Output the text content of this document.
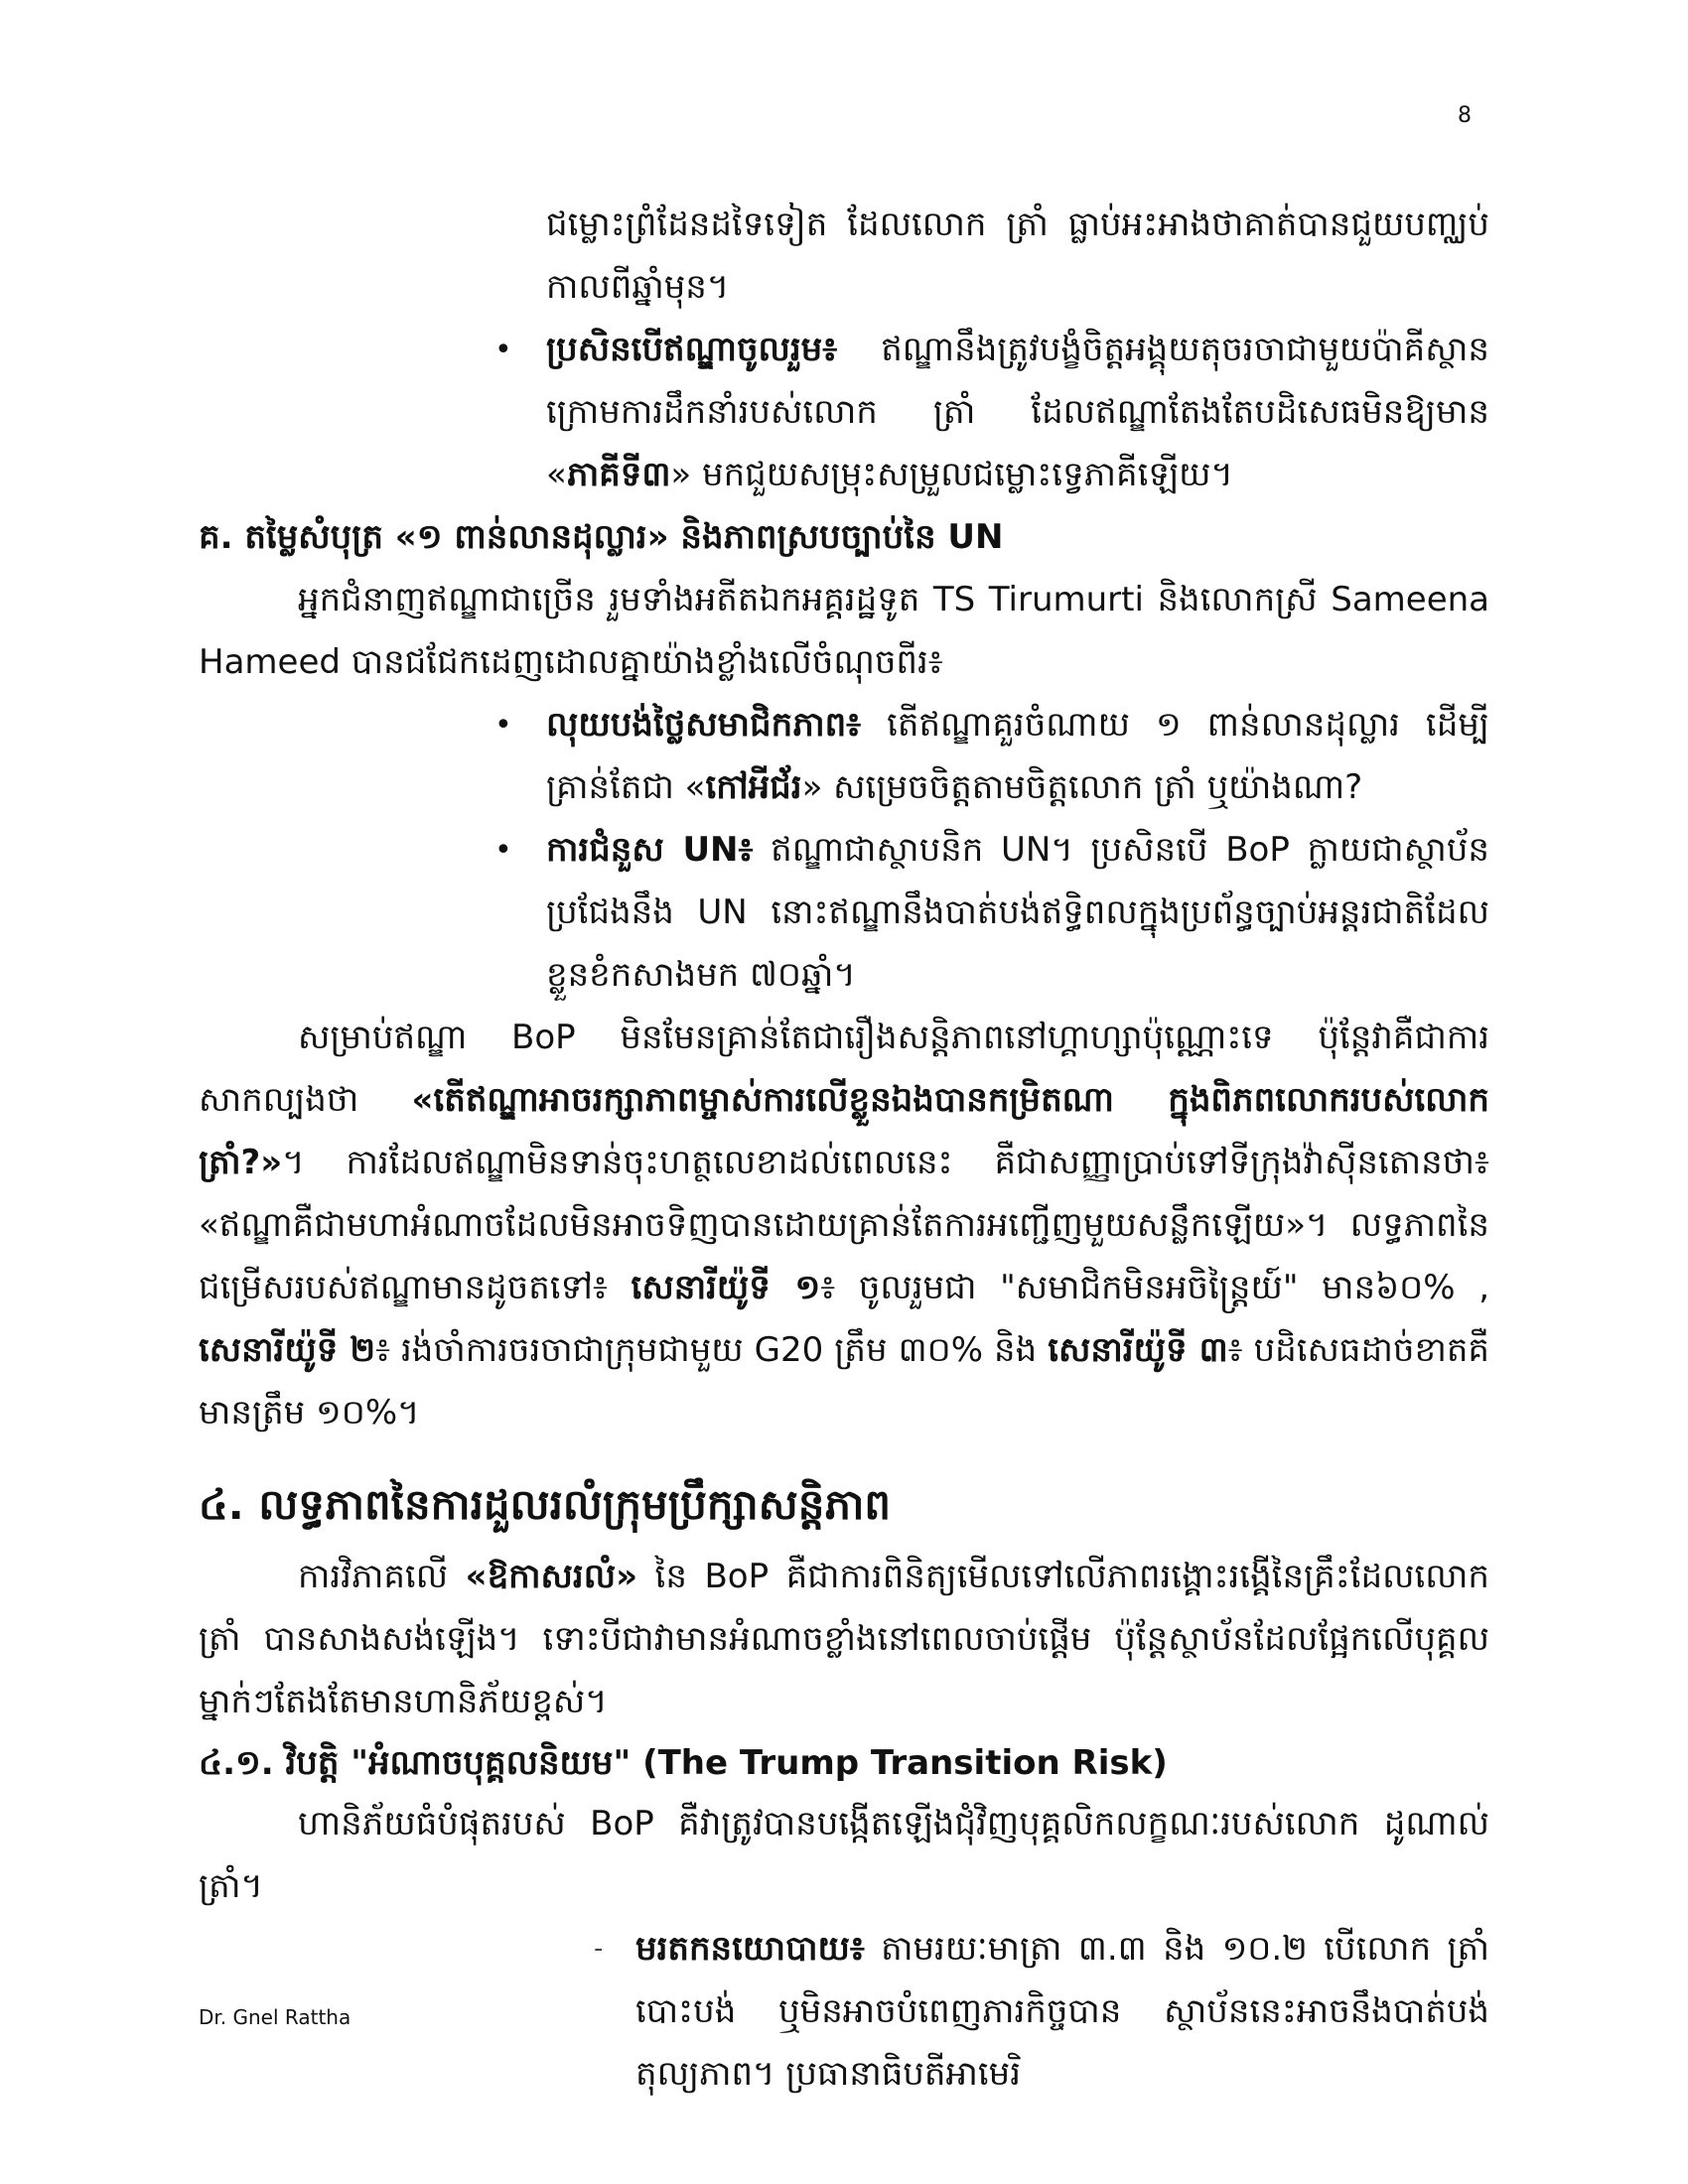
8

ជម្លោះព្រំដែនដទៃទៀត ដែលលោក ត្រាំ ធ្លាប់អះអាងថាគាត់បានជួយបញ្ឈប់កាលពីឆ្នាំមុន។

• ប្រសិនបើឥណ្ឌាចូលរួម៖ ឥណ្ឌានឹងត្រូវបង្ខំចិត្តអង្គុយតុចរចាជាមួយប៉ាគីស្ថាន ក្រោមការដឹកនាំរបស់លោក ត្រាំ ដែលឥណ្ឌាតែងតែបដិសេធមិនឱ្យមាន «ភាគីទី៣» មកជួយសម្រុះសម្រួលជម្លោះទ្វេភាគីឡើយ។
គ. តម្លៃសំបុត្រ «១ ពាន់លានដុល្លារ» និងភាពស្របច្បាប់នៃ UN

អ្នកជំនាញឥណ្ឌាជាច្រើន រួមទាំងអតីតឯកអគ្គរដ្ឋទូត TS Tirumurti និងលោកស្រី Sameena Hameed បានជជែកដេញដោលគ្នាយ៉ាងខ្លាំងលើចំណុចពីរ៖

• លុយបង់ថ្លៃសមាជិកភាព៖ តើឥណ្ឌាគួរចំណាយ ១ ពាន់លានដុល្លារ ដើម្បីគ្រាន់តែជា «កៅអីជ័រ» សម្រេចចិត្តតាមចិត្តលោក ត្រាំ ឬយ៉ាងណា?
• ការជំនួស UN៖ ឥណ្ឌាជាស្ថាបនិក UN។ ប្រសិនបើ BoP ក្លាយជាស្ថាប័នប្រជែងនឹង UN នោះឥណ្ឌានឹងបាត់បង់ឥទ្ធិពលក្នុងប្រព័ន្ធច្បាប់អន្តរជាតិដែលខ្លួនខំកសាងមក ៧០ឆ្នាំ។

សម្រាប់ឥណ្ឌា BoP មិនមែនគ្រាន់តែជារឿងសន្តិភាពនៅហ្គាហ្សាប៉ុណ្ណោះទេ ប៉ុន្តែវាគឺជាការសាកល្បងថា «តើឥណ្ឌាអាចរក្សាភាពម្ចាស់ការលើខ្លួនឯងបានកម្រិតណា ក្នុងពិភពលោករបស់លោក ត្រាំ?»។ ការដែលឥណ្ឌាមិនទាន់ចុះហត្ថលេខាដល់ពេលនេះ គឺជាសញ្ញាប្រាប់ទៅទីក្រុងវ៉ាស៊ីនតោនថា៖ «ឥណ្ឌាគឺជាមហាអំណាចដែលមិនអាចទិញបានដោយគ្រាន់តែការអញ្ជើញមួយសន្លឹកឡើយ»។ លទ្ធភាពនៃជម្រើសរបស់ឥណ្ឌាមានដូចតទៅ៖ សេនារីយ៉ូទី ១៖ ចូលរួមជា "សមាជិកមិនអចិន្ត្រៃយ៍" មាន៦០% , សេនារីយ៉ូទី ២៖ រង់ចាំការចរចាជាក្រុមជាមួយ G20 ត្រឹម ៣០% និង សេនារីយ៉ូទី ៣៖ បដិសេធដាច់ខាតគឺមានត្រឹម ១០%។

៤. លទ្ធភាពនៃការដួលរលំក្រុមប្រឹក្សាសន្តិភាព

ការវិភាគលើ «ឱកាសរលំ» នៃ BoP គឺជាការពិនិត្យមើលទៅលើភាពរង្គោះរង្គើនៃគ្រឹះដែលលោក ត្រាំ បានសាងសង់ឡើង។ ទោះបីជាវាមានអំណាចខ្លាំងនៅពេលចាប់ផ្តើម ប៉ុន្តែស្ថាប័នដែលផ្អែកលើបុគ្គលម្នាក់ៗតែងតែមានហានិភ័យខ្ពស់។

៤.១. វិបត្តិ "អំណាចបុគ្គលនិយម" (The Trump Transition Risk)

ហានិភ័យធំបំផុតរបស់ BoP គឺវាត្រូវបានបង្កើតឡើងជុំវិញបុគ្គលិកលក្ខណៈរបស់លោក ដូណាល់ ត្រាំ។

- មរតកនយោបាយ៖ តាមរយៈមាត្រា ៣.៣ និង ១០.២ បើលោក ត្រាំ បោះបង់ ឬមិនអាចបំពេញភារកិច្ចបាន ស្ថាប័ននេះអាចនឹងបាត់បង់តុល្យភាព។ ប្រធានាធិបតីអាមេរិ
Dr. Gnel Rattha
